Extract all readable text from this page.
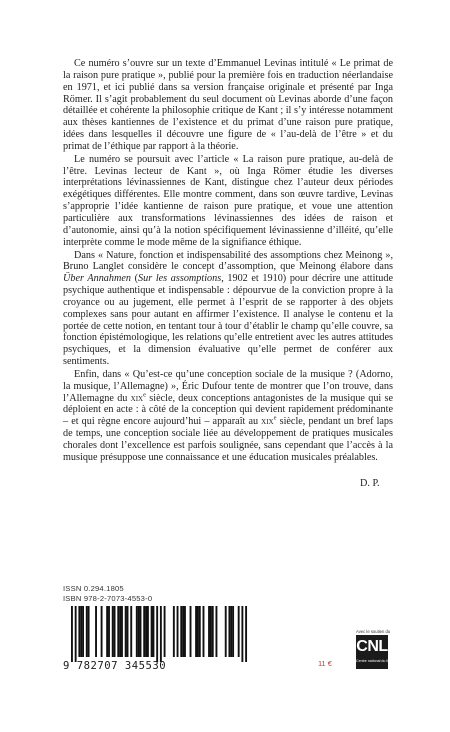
Ce numéro s’ouvre sur un texte d’Emmanuel Levinas intitulé « Le primat de la raison pure pratique », publié pour la première fois en traduction néerlandaise en 1971, et ici publié dans sa version française originale et présenté par Inga Römer. Il s’agit probablement du seul document où Levinas aborde d’une façon détaillée et cohérente la philosophie critique de Kant ; il s’y intéresse notamment aux thèses kantiennes de l’existence et du primat d’une raison pure pratique, idées dans lesquelles il découvre une figure de « l’au-delà de l’être » et du primat de l’éthique par rapport à la théorie.

Le numéro se poursuit avec l’article « La raison pure pratique, au-delà de l’être. Levinas lecteur de Kant », où Inga Römer étudie les diverses interprétations lévinassiennes de Kant, distingue chez l’auteur deux périodes exégétiques différentes. Elle montre comment, dans son œuvre tardive, Levinas s’approprie l’idée kantienne de raison pure pratique, et voue une attention particulière aux transformations lévinassiennes des idées de raison et d’autonomie, ainsi qu’à la notion spécifiquement lévinassienne d’illéité, qu’elle interprète comme le mode même de la signifiance éthique.

Dans « Nature, fonction et indispensabilité des assomptions chez Meinong », Bruno Langlet considère le concept d’assomption, que Meinong élabore dans Über Annahmen (Sur les assomptions, 1902 et 1910) pour décrire une attitude psychique authentique et indispensable : dépourvue de la conviction propre à la croyance ou au jugement, elle permet à l’esprit de se rapporter à des objets complexes sans pour autant en affirmer l’existence. Il analyse le contenu et la portée de cette notion, en tentant tour à tour d’établir le champ qu’elle couvre, sa fonction épistémologique, les relations qu’elle entretient avec les autres attitudes psychiques, et la dimension évaluative qu’elle permet de conférer aux sentiments.

Enfin, dans « Qu’est-ce qu’une conception sociale de la musique ? (Adorno, la musique, l’Allemagne) », Éric Dufour tente de montrer que l’on trouve, dans l’Allemagne du xix$^e$ siècle, deux conceptions antagonistes de la musique qui se déploient en acte : à côté de la conception qui devient rapidement prédominante – et qui règne encore aujourd’hui – apparaît au xix$^e$ siècle, pendant un bref laps de temps, une conception sociale liée au développement de pratiques musicales chorales dont l’excellence est parfois soulignée, sans cependant que l’accès à la musique présuppose une connaissance et une éducation musicales préalables.

D. P.
ISSN 0.294.1805
ISBN 978-2-7073-4553-0
9 782707 345530	11 €
Avec le soutien du
CNL
Centre national du livre
